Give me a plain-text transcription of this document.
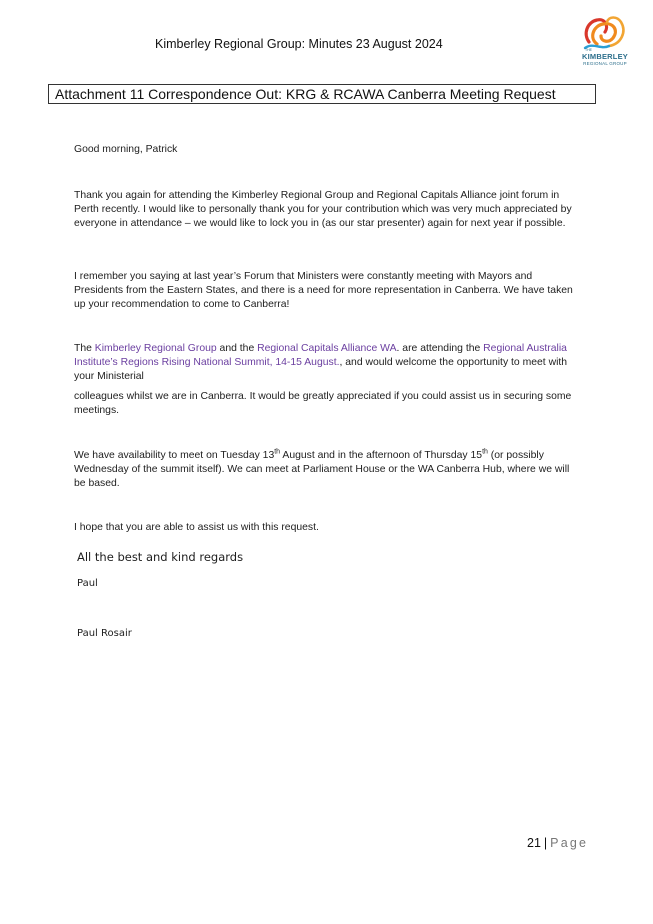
Kimberley Regional Group: Minutes 23 August 2024	THE
KIMBERLEY
REGIONAL GROUP
Attachment 11 Correspondence Out: KRG & RCAWA Canberra Meeting Request

Good morning, Patrick

Thank you again for attending the Kimberley Regional Group and Regional Capitals Alliance joint forum in Perth recently. I would like to personally thank you for your contribution which was very much appreciated by everyone in attendance – we would like to lock you in (as our star presenter) again for next year if possible.

I remember you saying at last year’s Forum that Ministers were constantly meeting with Mayors and Presidents from the Eastern States, and there is a need for more representation in Canberra. We have taken up your recommendation to come to Canberra!

The Kimberley Regional Group and the Regional Capitals Alliance WA. are attending the Regional Australia Institute’s Regions Rising National Summit, 14-15 August., and would welcome the opportunity to meet with your Ministerial

colleagues whilst we are in Canberra. It would be greatly appreciated if you could assist us in securing some meetings.

We have availability to meet on Tuesday 13th August and in the afternoon of Thursday 15th (or possibly Wednesday of the summit itself). We can meet at Parliament House or the WA Canberra Hub, where we will be based.

I hope that you are able to assist us with this request.

All the best and kind regards
Paul
Paul Rosair
21 | Page
